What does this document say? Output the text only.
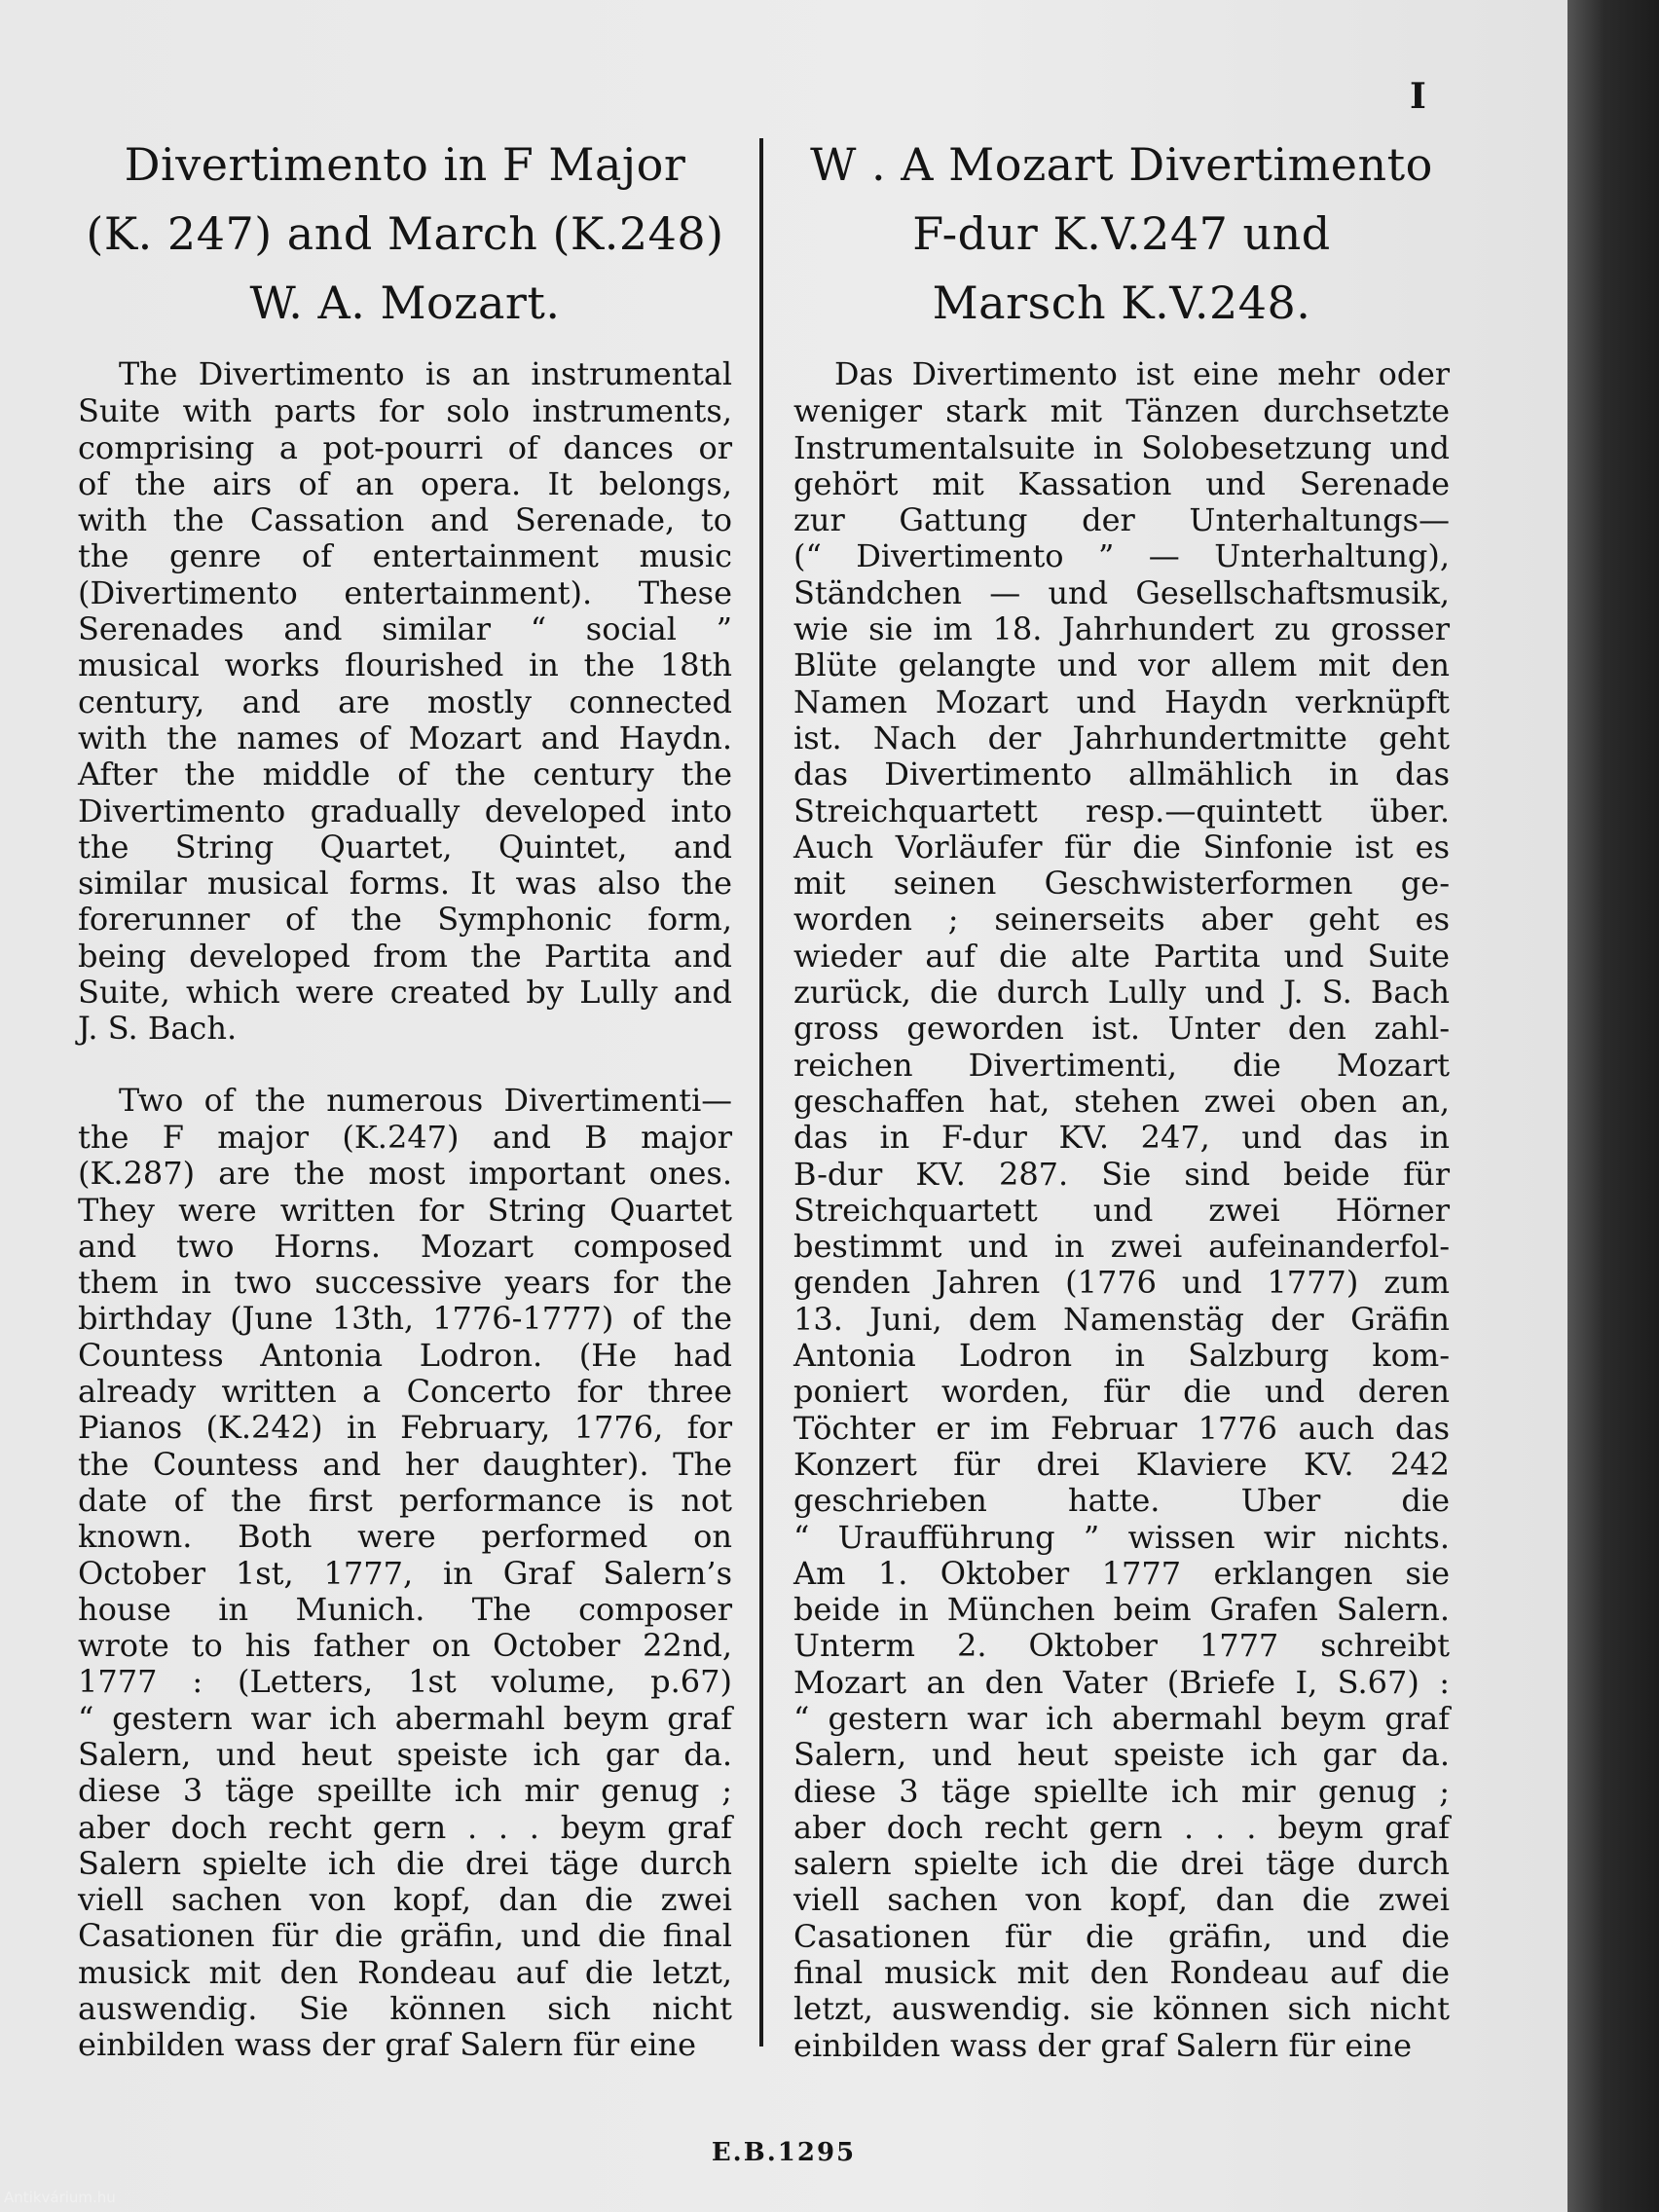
I
Divertimento in F Major
(K. 247) and March (K.248)
W. A. Mozart.

The Divertimento is an instrumental
Suite with parts for solo instruments,
comprising a pot-pourri of dances or
of the airs of an opera. It belongs,
with the Cassation and Serenade, to
the genre of entertainment music
(Divertimento entertainment). These
Serenades and similar “ social ”
musical works flourished in the 18th
century, and are mostly connected
with the names of Mozart and Haydn.
After the middle of the century the
Divertimento gradually developed into
the String Quartet, Quintet, and
similar musical forms. It was also the
forerunner of the Symphonic form,
being developed from the Partita and
Suite, which were created by Lully and
J. S. Bach.

Two of the numerous Divertimenti—
the F major (K.247) and B major
(K.287) are the most important ones.
They were written for String Quartet
and two Horns. Mozart composed
them in two successive years for the
birthday (June 13th, 1776-1777) of the
Countess Antonia Lodron. (He had
already written a Concerto for three
Pianos (K.242) in February, 1776, for
the Countess and her daughter). The
date of the first performance is not
known. Both were performed on
October 1st, 1777, in Graf Salern’s
house in Munich. The composer
wrote to his father on October 22nd,
1777 : (Letters, 1st volume, p.67)
“ gestern war ich abermahl beym graf
Salern, und heut speiste ich gar da.
diese 3 täge speillte ich mir genug ;
aber doch recht gern . . . beym graf
Salern spielte ich die drei täge durch
viell sachen von kopf, dan die zwei
Casationen für die gräfin, und die final
musick mit den Rondeau auf die letzt,
auswendig. Sie können sich nicht
einbilden wass der graf Salern für eine

W . A Mozart Divertimento
F-dur K.V.247 und
Marsch K.V.248.

Das Divertimento ist eine mehr oder
weniger stark mit Tänzen durchsetzte
Instrumentalsuite in Solobesetzung und
gehört mit Kassation und Serenade
zur Gattung der Unterhaltungs—
(“ Divertimento ” — Unterhaltung),
Ständchen — und Gesellschaftsmusik,
wie sie im 18. Jahrhundert zu grosser
Blüte gelangte und vor allem mit den
Namen Mozart und Haydn verknüpft
ist. Nach der Jahrhundertmitte geht
das Divertimento allmählich in das
Streichquartett resp.—quintett über.
Auch Vorläufer für die Sinfonie ist es
mit seinen Geschwisterformen ge-
worden ; seinerseits aber geht es
wieder auf die alte Partita und Suite
zurück, die durch Lully und J. S. Bach
gross geworden ist. Unter den zahl-
reichen Divertimenti, die Mozart
geschaffen hat, stehen zwei oben an,
das in F-dur KV. 247, und das in
B-dur KV. 287. Sie sind beide für
Streichquartett und zwei Hörner
bestimmt und in zwei aufeinanderfol-
genden Jahren (1776 und 1777) zum
13. Juni, dem Namenstäg der Gräfin
Antonia Lodron in Salzburg kom-
poniert worden, für die und deren
Töchter er im Februar 1776 auch das
Konzert für drei Klaviere KV. 242
geschrieben hatte. Uber die
“ Uraufführung ” wissen wir nichts.
Am 1. Oktober 1777 erklangen sie
beide in München beim Grafen Salern.
Unterm 2. Oktober 1777 schreibt
Mozart an den Vater (Briefe I, S.67) :
“ gestern war ich abermahl beym graf
Salern, und heut speiste ich gar da.
diese 3 täge spiellte ich mir genug ;
aber doch recht gern . . . beym graf
salern spielte ich die drei täge durch
viell sachen von kopf, dan die zwei
Casationen für die gräfin, und die
final musick mit den Rondeau auf die
letzt, auswendig. sie können sich nicht
einbilden wass der graf Salern für eine

E.B.1295
Antikvárium.hu
